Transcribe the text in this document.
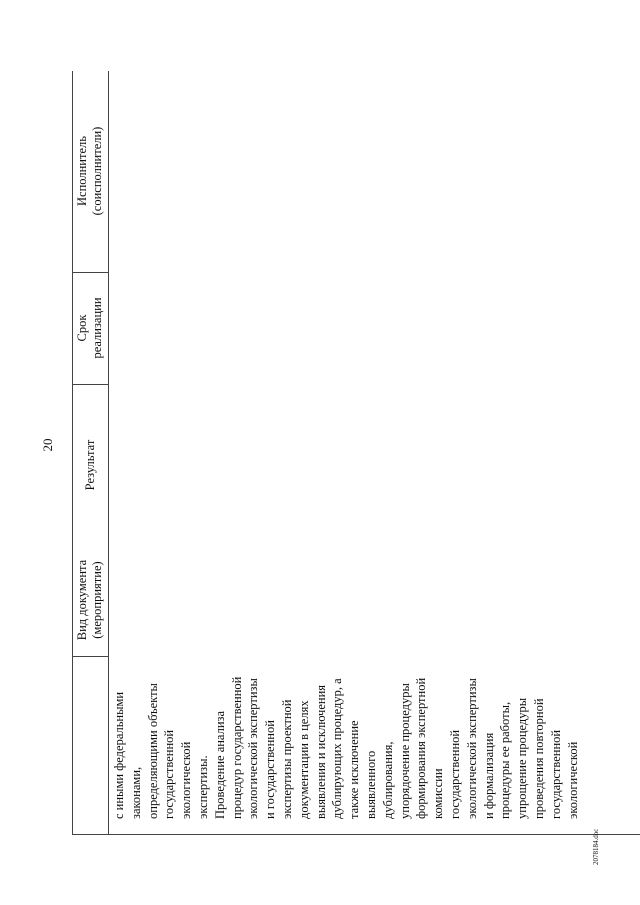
20
Вид документа (мероприятие)
Результат
Срок реализации
Исполнитель (соисполнители)
с иными федеральными законами, определяющими объекты государственной экологической экспертизы. Проведение анализа процедур государственной экологической экспертизы и государственной экспертизы проектной документации в целях выявления и исключения дублирующих процедур, а также исключение выявленного дублирования, упорядочение процедуры формирования экспертной комиссии государственной экологической экспертизы и формализация процедуры ее работы, упрощение процедуры проведения повторной государственной экологической
2078184.doc
